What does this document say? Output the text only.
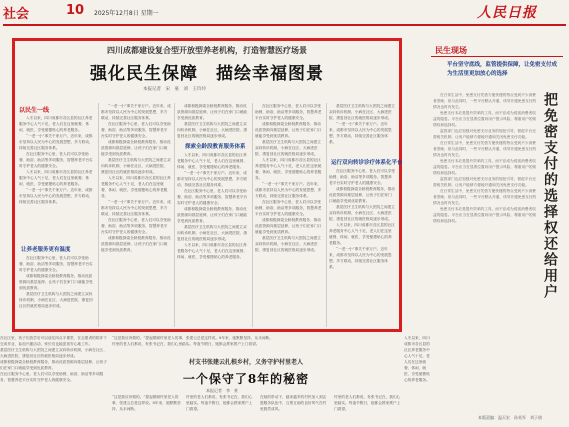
社会	10 2025年12月8日 星期一	人民日报
四川成都建设复合型开放型养老机构，打造智慧医疗场景
强化民生保障　描绘幸福图景
本报记者　宋　豪　刘　王玲玲
以民生一线

入冬以来，四川成都市各区县的社区养老服务中心人气十足，老人们在这里就餐、休闲、就医，享受便捷贴心的养老服务。

“一老一小”事关千家万户。近年来，成都市坚持以人民为中心的发展思想，多方联动，持续完善社区服务体系。

在社区服务中心里，老人们可以享受助餐、助浴、助洁等多项服务，智慧养老平台实时守护老人的健康安全。

入冬以来，四川成都市各区县的社区养老服务中心人气十足，老人们在这里就餐、休闲、就医，享受便捷贴心的养老服务。

“一老一小”事关千家万户。近年来，成都市坚持以人民为中心的发展思想，多方联动，持续完善社区服务体系。

让养老服务更有温度

在社区服务中心里，老人们可以享受助餐、助浴、助洁等多项服务，智慧养老平台实时守护老人的健康安全。

成都积极探索全龄段教育服务，推动优质资源向基层延伸，让孩子们在家门口就能享受到优质教育。

基层医疗卫生机构与大医院之间建立双向转诊机制，小病在社区、大病进医院、康复回社区的就医格局逐步形成。

“一老一小”事关千家万户。近年来，成都市坚持以人民为中心的发展思想，多方联动，持续完善社区服务体系。

在社区服务中心里，老人们可以享受助餐、助浴、助洁等多项服务，智慧养老平台实时守护老人的健康安全。

成都积极探索全龄段教育服务，推动优质资源向基层延伸，让孩子们在家门口就能享受到优质教育。

基层医疗卫生机构与大医院之间建立双向转诊机制，小病在社区、大病进医院、康复回社区的就医格局逐步形成。

入冬以来，四川成都市各区县的社区养老服务中心人气十足，老人们在这里就餐、休闲、就医，享受便捷贴心的养老服务。

“一老一小”事关千家万户。近年来，成都市坚持以人民为中心的发展思想，多方联动，持续完善社区服务体系。

在社区服务中心里，老人们可以享受助餐、助浴、助洁等多项服务，智慧养老平台实时守护老人的健康安全。

成都积极探索全龄段教育服务，推动优质资源向基层延伸，让孩子们在家门口就能享受到优质教育。

成都积极探索全龄段教育服务，推动优质资源向基层延伸，让孩子们在家门口就能享受到优质教育。

基层医疗卫生机构与大医院之间建立双向转诊机制，小病在社区、大病进医院、康复回社区的就医格局逐步形成。

探索全龄段教育服务体系

入冬以来，四川成都市各区县的社区养老服务中心人气十足，老人们在这里就餐、休闲、就医，享受便捷贴心的养老服务。

“一老一小”事关千家万户。近年来，成都市坚持以人民为中心的发展思想，多方联动，持续完善社区服务体系。

在社区服务中心里，老人们可以享受助餐、助浴、助洁等多项服务，智慧养老平台实时守护老人的健康安全。

成都积极探索全龄段教育服务，推动优质资源向基层延伸，让孩子们在家门口就能享受到优质教育。

基层医疗卫生机构与大医院之间建立双向转诊机制，小病在社区、大病进医院、康复回社区的就医格局逐步形成。

入冬以来，四川成都市各区县的社区养老服务中心人气十足，老人们在这里就餐、休闲、就医，享受便捷贴心的养老服务。

在社区服务中心里，老人们可以享受助餐、助浴、助洁等多项服务，智慧养老平台实时守护老人的健康安全。

成都积极探索全龄段教育服务，推动优质资源向基层延伸，让孩子们在家门口就能享受到优质教育。

基层医疗卫生机构与大医院之间建立双向转诊机制，小病在社区、大病进医院、康复回社区的就医格局逐步形成。

入冬以来，四川成都市各区县的社区养老服务中心人气十足，老人们在这里就餐、休闲、就医，享受便捷贴心的养老服务。

“一老一小”事关千家万户。近年来，成都市坚持以人民为中心的发展思想，多方联动，持续完善社区服务体系。

在社区服务中心里，老人们可以享受助餐、助浴、助洁等多项服务，智慧养老平台实时守护老人的健康安全。

成都积极探索全龄段教育服务，推动优质资源向基层延伸，让孩子们在家门口就能享受到优质教育。

基层医疗卫生机构与大医院之间建立双向转诊机制，小病在社区、大病进医院、康复回社区的就医格局逐步形成。

基层医疗卫生机构与大医院之间建立双向转诊机制，小病在社区、大病进医院、康复回社区的就医格局逐步形成。

“一老一小”事关千家万户。近年来，成都市坚持以人民为中心的发展思想，多方联动，持续完善社区服务体系。

运行双向转诊诊疗体系化平台

在社区服务中心里，老人们可以享受助餐、助浴、助洁等多项服务，智慧养老平台实时守护老人的健康安全。

成都积极探索全龄段教育服务，推动优质资源向基层延伸，让孩子们在家门口就能享受到优质教育。

基层医疗卫生机构与大医院之间建立双向转诊机制，小病在社区、大病进医院、康复回社区的就医格局逐步形成。

入冬以来，四川成都市各区县的社区养老服务中心人气十足，老人们在这里就餐、休闲、就医，享受便捷贴心的养老服务。

“一老一小”事关千家万户。近年来，成都市坚持以人民为中心的发展思想，多方联动，持续完善社区服务体系。

民生现场
平台坚守底线，监管提供保障，让免密支付成为生活里更加放心的选择

在日常生活中，免密支付凭借方便快捷的特点受到不少消费者青睐，但与此同时，一些平台默认开通、诱导开通免密支付的情况也时有发生。

免密支付本应是提升效率的工具，而不应成为侵害消费者权益的隐患。平台应当在显著位置向用户提示风险，尊重用户的知情权和选择权。

监管部门也应加强对免密支付业务的规范引导，督促平台完善相关机制，让用户能够方便地开通和关闭免密支付功能。

在日常生活中，免密支付凭借方便快捷的特点受到不少消费者青睐，但与此同时，一些平台默认开通、诱导开通免密支付的情况也时有发生。

免密支付本应是提升效率的工具，而不应成为侵害消费者权益的隐患。平台应当在显著位置向用户提示风险，尊重用户的知情权和选择权。

监管部门也应加强对免密支付业务的规范引导，督促平台完善相关机制，让用户能够方便地开通和关闭免密支付功能。

在日常生活中，免密支付凭借方便快捷的特点受到不少消费者青睐，但与此同时，一些平台默认开通、诱导开通免密支付的情况也时有发生。

免密支付本应是提升效率的工具，而不应成为侵害消费者权益的隐患。平台应当在显著位置向用户提示风险，尊重用户的知情权和选择权。	把免密支付的选择权还给用户
本版责编：温天宏　孙英军　刘子倩

在社区里，孩子们放学后可以前往四点半课堂，在志愿者的陪伴下完成作业、参加兴趣活动，家长们也能更加安心地工作。

基层医疗卫生机构与大医院之间建立双向转诊机制，小病在社区、大病进医院、康复回社区的就医格局逐步形成。

成都积极探索全龄段教育服务，推动优质资源向基层延伸，让孩子们在家门口就能享受到优质教育。

在社区服务中心里，老人们可以享受助餐、助浴、助洁等多项服务，智慧养老平台实时守护老人的健康安全。

入冬以来，四川成都市各区县的社区养老服务中心人气十足，老人们在这里就餐、休闲、就医，享受便捷贴心的养老服务。

村支书张建云扎根乡村，义务守护村里老人
一个保守了8年的秘密
本报记者　李　豪

“这是我应该做的。”提起照顾村里老人的事，张建云总是这样说。8年来，她默默坚持，从未间断。

村里的老人们都说，有张书记在，我们心里踏实。每逢节假日，她都会挨家挨户上门看望。

“这是我应该做的。”提起照顾村里老人的事，张建云总是这样说。8年来，她默默坚持，从未间断。

村里的老人们都说，有张书记在，我们心里踏实。每逢节假日，她都会挨家挨户上门看望。

在她的带动下，越来越多的村民加入到志愿服务队伍中，互帮互助的良好风气在村里蔚然成风。

村里的老人们都说，有张书记在，我们心里踏实。每逢节假日，她都会挨家挨户上门看望。
